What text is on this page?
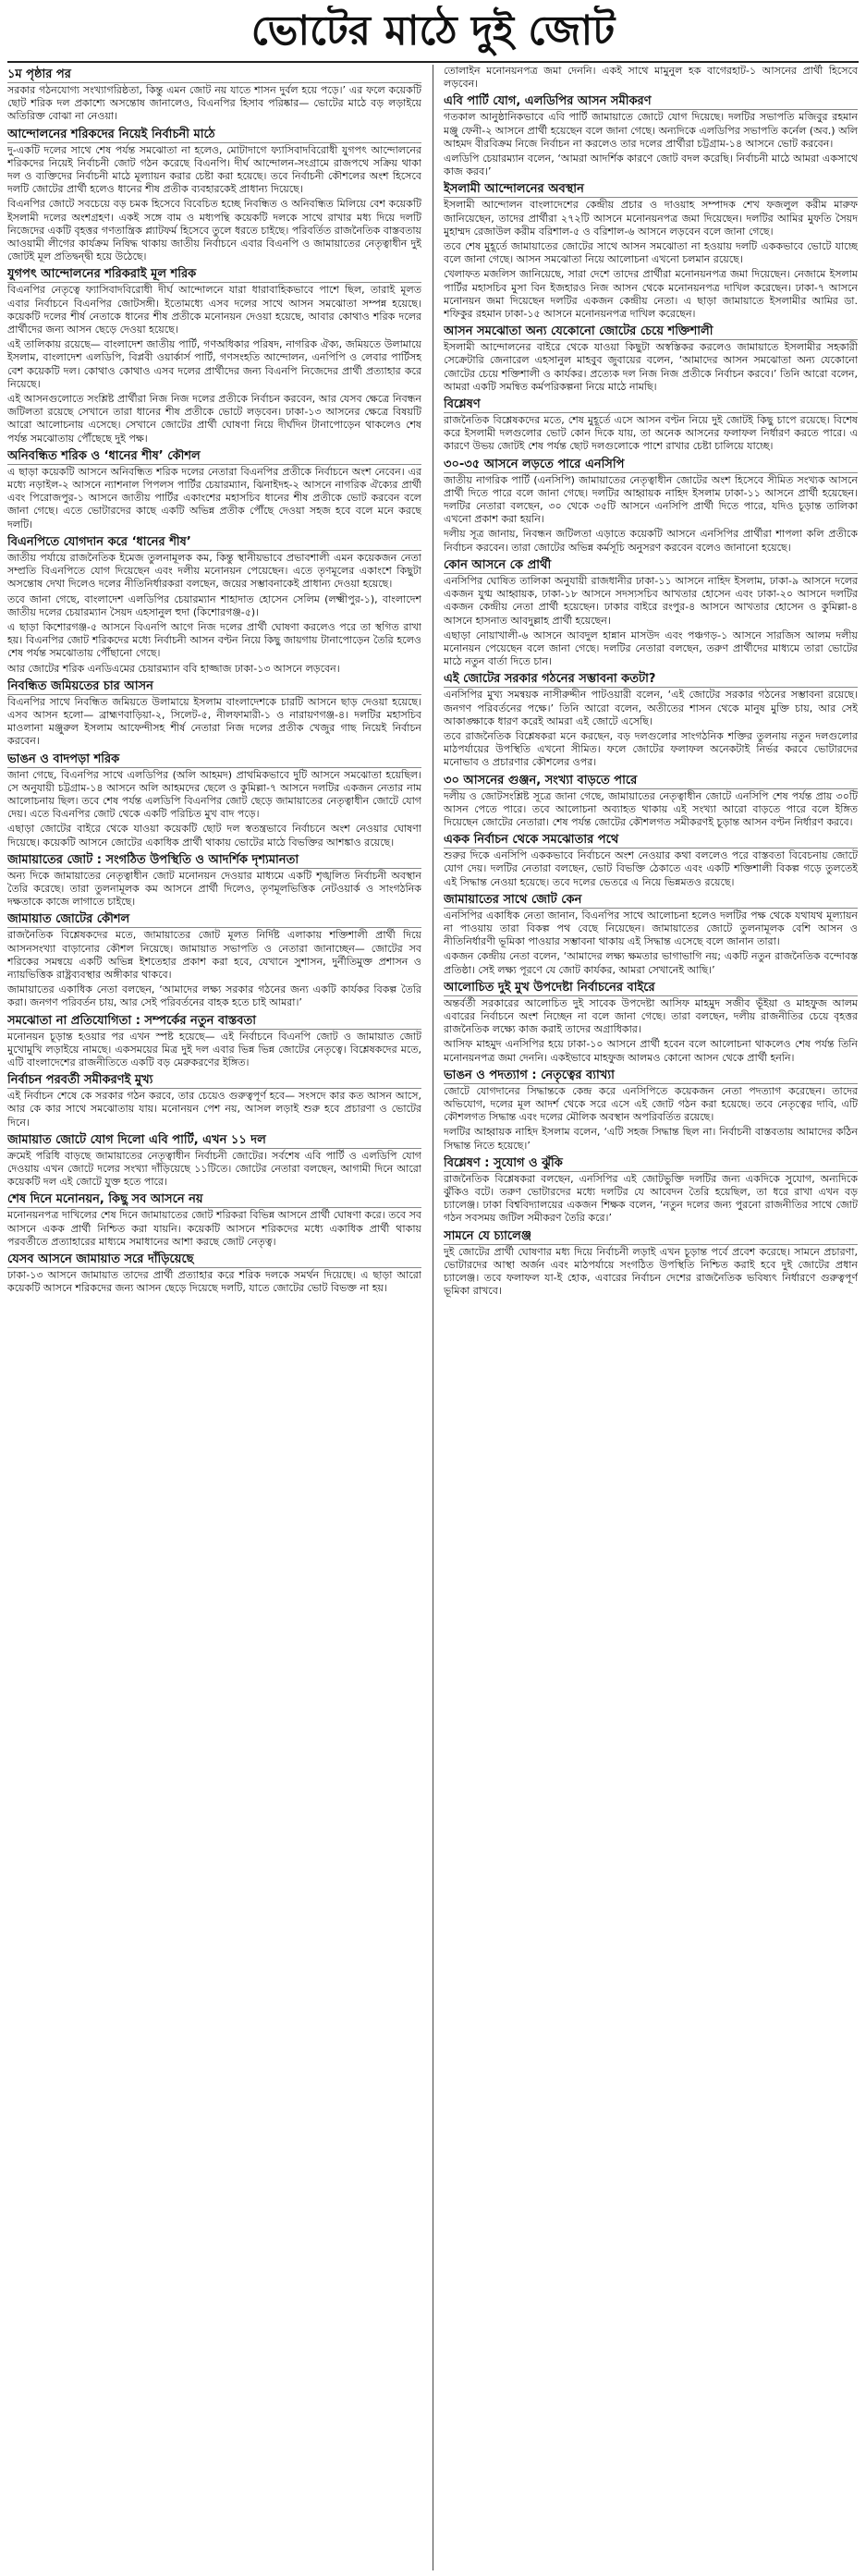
ভোটের মাঠে দুই জোট
১ম পৃষ্ঠার পর

সরকার গঠনযোগ্য সংখ্যাগরিষ্ঠতা, কিন্তু এমন জোট নয় যাতে শাসন দুর্বল হয়ে পড়ে।’ এর ফলে কয়েকটি ছোট শরিক দল প্রকাশ্যে অসন্তোষ জানালেও, বিএনপির হিসাব পরিষ্কার— ভোটের মাঠে বড় লড়াইয়ে অতিরিক্ত বোঝা না নেওয়া।

আন্দোলনের শরিকদের নিয়েই নির্বাচনী মাঠে

দু-একটি দলের সাথে শেষ পর্যন্ত সমঝোতা না হলেও, মোটাদাগে ফ্যাসিবাদবিরোধী যুগপৎ আন্দোলনের শরিকদের নিয়েই নির্বাচনী জোট গঠন করেছে বিএনপি। দীর্ঘ আন্দোলন-সংগ্রামে রাজপথে সক্রিয় থাকা দল ও ব্যক্তিদের নির্বাচনী মাঠে মূল্যায়ন করার চেষ্টা করা হয়েছে। তবে নির্বাচনী কৌশলের অংশ হিসেবে দলটি জোটের প্রার্থী হলেও ধানের শীষ প্রতীক ব্যবহারকেই প্রাধান্য দিয়েছে।

বিএনপির জোটে সবচেয়ে বড় চমক হিসেবে বিবেচিত হচ্ছে নিবন্ধিত ও অনিবন্ধিত মিলিয়ে বেশ কয়েকটি ইসলামী দলের অংশগ্রহণ। একই সঙ্গে বাম ও মধ্যপন্থি কয়েকটি দলকে সাথে রাখার মধ্য দিয়ে দলটি নিজেদের একটি বৃহত্তর গণতান্ত্রিক প্ল্যাটফর্ম হিসেবে তুলে ধরতে চাইছে। পরিবর্তিত রাজনৈতিক বাস্তবতায় আওয়ামী লীগের কার্যক্রম নিষিদ্ধ থাকায় জাতীয় নির্বাচনে এবার বিএনপি ও জামায়াতের নেতৃত্বাধীন দুই জোটই মূল প্রতিদ্বন্দ্বী হয়ে উঠেছে।

যুগপৎ আন্দোলনের শরিকরাই মূল শরিক

বিএনপির নেতৃত্বে ফ্যাসিবাদবিরোধী দীর্ঘ আন্দোলনে যারা ধারাবাহিকভাবে পাশে ছিল, তারাই মূলত এবার নির্বাচনে বিএনপির জোটসঙ্গী। ইতোমধ্যে এসব দলের সাথে আসন সমঝোতা সম্পন্ন হয়েছে। কয়েকটি দলের শীর্ষ নেতাকে ধানের শীষ প্রতীকে মনোনয়ন দেওয়া হয়েছে, আবার কোথাও শরিক দলের প্রার্থীদের জন্য আসন ছেড়ে দেওয়া হয়েছে।

এই তালিকায় রয়েছে— বাংলাদেশ জাতীয় পার্টি, গণঅধিকার পরিষদ, নাগরিক ঐক্য, জমিয়তে উলামায়ে ইসলাম, বাংলাদেশ এলডিপি, বিপ্লবী ওয়ার্কার্স পার্টি, গণসংহতি আন্দোলন, এনপিপি ও লেবার পার্টিসহ বেশ কয়েকটি দল। কোথাও কোথাও এসব দলের প্রার্থীদের জন্য বিএনপি নিজেদের প্রার্থী প্রত্যাহার করে নিয়েছে।

এই আসনগুলোতে সংশ্লিষ্ট প্রার্থীরা নিজ নিজ দলের প্রতীকে নির্বাচন করবেন, আর যেসব ক্ষেত্রে নিবন্ধন জটিলতা রয়েছে সেখানে তারা ধানের শীষ প্রতীকে ভোটে লড়বেন। ঢাকা-১৩ আসনের ক্ষেত্রে বিষয়টি আরো আলোচনায় এসেছে। সেখানে জোটের প্রার্থী ঘোষণা নিয়ে দীর্ঘদিন টানাপোড়েন থাকলেও শেষ পর্যন্ত সমঝোতায় পৌঁছেছে দুই পক্ষ।

অনিবন্ধিত শরিক ও ‘ধানের শীষ’ কৌশল

এ ছাড়া কয়েকটি আসনে অনিবন্ধিত শরিক দলের নেতারা বিএনপির প্রতীকে নির্বাচনে অংশ নেবেন। এর মধ্যে নড়াইল-২ আসনে ন্যাশনাল পিপলস পার্টির চেয়ারম্যান, ঝিনাইদহ-২ আসনে নাগরিক ঐক্যের প্রার্থী এবং পিরোজপুর-১ আসনে জাতীয় পার্টির একাংশের মহাসচিব ধানের শীষ প্রতীকে ভোট করবেন বলে জানা গেছে। এতে ভোটারদের কাছে একটি অভিন্ন প্রতীক পৌঁছে দেওয়া সহজ হবে বলে মনে করছে দলটি।

বিএনপিতে যোগদান করে ‘ধানের শীষ’

জাতীয় পর্যায়ে রাজনৈতিক ইমেজ তুলনামূলক কম, কিন্তু স্থানীয়ভাবে প্রভাবশালী এমন কয়েকজন নেতা সম্প্রতি বিএনপিতে যোগ দিয়েছেন এবং দলীয় মনোনয়ন পেয়েছেন। এতে তৃণমূলের একাংশে কিছুটা অসন্তোষ দেখা দিলেও দলের নীতিনির্ধারকরা বলছেন, জয়ের সম্ভাবনাকেই প্রাধান্য দেওয়া হয়েছে।

তবে জানা গেছে, বাংলাদেশ এলডিপির চেয়ারম্যান শাহাদাত হোসেন সেলিম (লক্ষ্মীপুর-১), বাংলাদেশ জাতীয় দলের চেয়ারম্যান সৈয়দ এহসানুল হুদা (কিশোরগঞ্জ-৫)।

এ ছাড়া কিশোরগঞ্জ-৫ আসনে বিএনপি আগে নিজ দলের প্রার্থী ঘোষণা করলেও পরে তা স্থগিত রাখা হয়। বিএনপির জোট শরিকদের মধ্যে নির্বাচনী আসন বণ্টন নিয়ে কিছু জায়গায় টানাপোড়েন তৈরি হলেও শেষ পর্যন্ত সমঝোতায় পৌঁছানো গেছে।

আর জোটের শরিক এনডিএমের চেয়ারম্যান ববি হাজ্জাজ ঢাকা-১৩ আসনে লড়বেন।

নিবন্ধিত জমিয়তের চার আসন

বিএনপির সাথে নিবন্ধিত জমিয়তে উলামায়ে ইসলাম বাংলাদেশকে চারটি আসনে ছাড় দেওয়া হয়েছে। এসব আসন হলো— ব্রাহ্মণবাড়িয়া-২, সিলেট-৫, নীলফামারী-১ ও নারায়ণগঞ্জ-৪। দলটির মহাসচিব মাওলানা মঞ্জুরুল ইসলাম আফেন্দীসহ শীর্ষ নেতারা নিজ দলের প্রতীক খেজুর গাছ নিয়েই নির্বাচন করবেন।

ভাঙন ও বাদপড়া শরিক

জানা গেছে, বিএনপির সাথে এলডিপির (অলি আহমদ) প্রাথমিকভাবে দুটি আসনে সমঝোতা হয়েছিল। সে অনুযায়ী চট্টগ্রাম-১৪ আসনে অলি আহমদের ছেলে ও কুমিল্লা-৭ আসনে দলটির একজন নেতার নাম আলোচনায় ছিল। তবে শেষ পর্যন্ত এলডিপি বিএনপির জোট ছেড়ে জামায়াতের নেতৃত্বাধীন জোটে যোগ দেয়। এতে বিএনপির জোট থেকে একটি পরিচিত মুখ বাদ পড়ে।

এছাড়া জোটের বাইরে থেকে যাওয়া কয়েকটি ছোট দল স্বতন্ত্রভাবে নির্বাচনে অংশ নেওয়ার ঘোষণা দিয়েছে। কয়েকটি আসনে জোটের একাধিক প্রার্থী থাকায় ভোটের মাঠে বিভক্তির আশঙ্কাও রয়েছে।

জামায়াতের জোট : সংগঠিত উপস্থিতি ও আদর্শিক দৃশ্যমানতা

অন্য দিকে জামায়াতের নেতৃত্বাধীন জোট মনোনয়ন দেওয়ার মাধ্যমে একটি শৃঙ্খলিত নির্বাচনী অবস্থান তৈরি করেছে। তারা তুলনামূলক কম আসনে প্রার্থী দিলেও, তৃণমূলভিত্তিক নেটওয়ার্ক ও সাংগঠনিক দক্ষতাকে কাজে লাগাতে চাইছে।

জামায়াত জোটের কৌশল

রাজনৈতিক বিশ্লেষকদের মতে, জামায়াতের জোট মূলত নির্দিষ্ট এলাকায় শক্তিশালী প্রার্থী দিয়ে আসনসংখ্যা বাড়ানোর কৌশল নিয়েছে। জামায়াত সভাপতি ও নেতারা জানাচ্ছেন— জোটের সব শরিকের সমন্বয়ে একটি অভিন্ন ইশতেহার প্রকাশ করা হবে, যেখানে সুশাসন, দুর্নীতিমুক্ত প্রশাসন ও ন্যায়ভিত্তিক রাষ্ট্রব্যবস্থার অঙ্গীকার থাকবে।

জামায়াতের একাধিক নেতা বলছেন, ‘আমাদের লক্ষ্য সরকার গঠনের জন্য একটি কার্যকর বিকল্প তৈরি করা। জনগণ পরিবর্তন চায়, আর সেই পরিবর্তনের বাহক হতে চাই আমরা।’

সমঝোতা না প্রতিযোগিতা : সম্পর্কের নতুন বাস্তবতা

মনোনয়ন চূড়ান্ত হওয়ার পর এখন স্পষ্ট হয়েছে— এই নির্বাচনে বিএনপি জোট ও জামায়াত জোট মুখোমুখি লড়াইয়ে নামছে। একসময়ের মিত্র দুই দল এবার ভিন্ন ভিন্ন জোটের নেতৃত্বে। বিশ্লেষকদের মতে, এটি বাংলাদেশের রাজনীতিতে একটি বড় মেরুকরণের ইঙ্গিত।

নির্বাচন পরবর্তী সমীকরণই মুখ্য

এই নির্বাচন শেষে কে সরকার গঠন করবে, তার চেয়েও গুরুত্বপূর্ণ হবে— সংসদে কার কত আসন আসে, আর কে কার সাথে সমঝোতায় যায়। মনোনয়ন পেশ নয়, আসল লড়াই শুরু হবে প্রচারণা ও ভোটের দিনে।

জামায়াত জোটে যোগ দিলো এবি পার্টি, এখন ১১ দল

ক্রমেই পরিধি বাড়ছে জামায়াতের নেতৃত্বাধীন নির্বাচনী জোটের। সর্বশেষ এবি পার্টি ও এলডিপি যোগ দেওয়ায় এখন জোটে দলের সংখ্যা দাঁড়িয়েছে ১১টিতে। জোটের নেতারা বলছেন, আগামী দিনে আরো কয়েকটি দল এই জোটে যুক্ত হতে পারে।

শেষ দিনে মনোনয়ন, কিছু সব আসনে নয়

মনোনয়নপত্র দাখিলের শেষ দিনে জামায়াতের জোট শরিকরা বিভিন্ন আসনে প্রার্থী ঘোষণা করে। তবে সব আসনে একক প্রার্থী নিশ্চিত করা যায়নি। কয়েকটি আসনে শরিকদের মধ্যে একাধিক প্রার্থী থাকায় পরবর্তীতে প্রত্যাহারের মাধ্যমে সমাধানের আশা করছে জোট নেতৃত্ব।

যেসব আসনে জামায়াত সরে দাঁড়িয়েছে

ঢাকা-১৩ আসনে জামায়াত তাদের প্রার্থী প্রত্যাহার করে শরিক দলকে সমর্থন দিয়েছে। এ ছাড়া আরো কয়েকটি আসনে শরিকদের জন্য আসন ছেড়ে দিয়েছে দলটি, যাতে জোটের ভোট বিভক্ত না হয়।

তোলাইন মনোনয়নপত্র জমা দেননি। একই সাথে মামুনুল হক বাগেরহাট-১ আসনের প্রার্থী হিসেবে লড়বেন।

এবি পার্টি যোগ, এলডিপির আসন সমীকরণ

গতকাল আনুষ্ঠানিকভাবে এবি পার্টি জামায়াতে জোটে যোগ দিয়েছে। দলটির সভাপতি মজিবুর রহমান মঞ্জু ফেনী-২ আসনে প্রার্থী হয়েছেন বলে জানা গেছে। অন্যদিকে এলডিপির সভাপতি কর্নেল (অব.) অলি আহমদ বীরবিক্রম নিজে নির্বাচন না করলেও তার দলের প্রার্থীরা চট্টগ্রাম-১৪ আসনে ভোট করবেন।

এলডিপি চেয়ারম্যান বলেন, ‘আমরা আদর্শিক কারণে জোট বদল করেছি। নির্বাচনী মাঠে আমরা একসাথে কাজ করব।’

ইসলামী আন্দোলনের অবস্থান

ইসলামী আন্দোলন বাংলাদেশের কেন্দ্রীয় প্রচার ও দাওয়াহ সম্পাদক শেখ ফজলুল করীম মারুফ জানিয়েছেন, তাদের প্রার্থীরা ২৭২টি আসনে মনোনয়নপত্র জমা দিয়েছেন। দলটির আমির মুফতি সৈয়দ মুহাম্মদ রেজাউল করীম বরিশাল-৫ ও বরিশাল-৬ আসনে লড়বেন বলে জানা গেছে।

তবে শেষ মুহূর্তে জামায়াতের জোটের সাথে আসন সমঝোতা না হওয়ায় দলটি এককভাবে ভোটে যাচ্ছে বলে জানা গেছে। আসন সমঝোতা নিয়ে আলোচনা এখনো চলমান রয়েছে।

খেলাফত মজলিস জানিয়েছে, সারা দেশে তাদের প্রার্থীরা মনোনয়নপত্র জমা দিয়েছেন। নেজামে ইসলাম পার্টির মহাসচিব মুসা বিন ইজহারও নিজ আসন থেকে মনোনয়নপত্র দাখিল করেছেন। ঢাকা-৭ আসনে মনোনয়ন জমা দিয়েছেন দলটির একজন কেন্দ্রীয় নেতা। এ ছাড়া জামায়াতে ইসলামীর আমির ডা. শফিকুর রহমান ঢাকা-১৫ আসনে মনোনয়নপত্র দাখিল করেছেন।

আসন সমঝোতা অন্য যেকোনো জোটের চেয়ে শক্তিশালী

ইসলামী আন্দোলনের বাইরে থেকে যাওয়া কিছুটা অস্বস্তিকর করলেও জামায়াতে ইসলামীর সহকারী সেক্রেটারি জেনারেল এহসানুল মাহবুব জুবায়ের বলেন, ‘আমাদের আসন সমঝোতা অন্য যেকোনো জোটের চেয়ে শক্তিশালী ও কার্যকর। প্রত্যেক দল নিজ নিজ প্রতীকে নির্বাচন করবে।’ তিনি আরো বলেন, আমরা একটি সমন্বিত কর্মপরিকল্পনা নিয়ে মাঠে নামছি।

বিশ্লেষণ

রাজনৈতিক বিশ্লেষকদের মতে, শেষ মুহূর্তে এসে আসন বণ্টন নিয়ে দুই জোটই কিছু চাপে রয়েছে। বিশেষ করে ইসলামী দলগুলোর ভোট কোন দিকে যায়, তা অনেক আসনের ফলাফল নির্ধারণ করতে পারে। এ কারণে উভয় জোটই শেষ পর্যন্ত ছোট দলগুলোকে পাশে রাখার চেষ্টা চালিয়ে যাচ্ছে।

৩০-৩৫ আসনে লড়তে পারে এনসিপি

জাতীয় নাগরিক পার্টি (এনসিপি) জামায়াতের নেতৃত্বাধীন জোটের অংশ হিসেবে সীমিত সংখ্যক আসনে প্রার্থী দিতে পারে বলে জানা গেছে। দলটির আহ্বায়ক নাহিদ ইসলাম ঢাকা-১১ আসনে প্রার্থী হয়েছেন। দলটির নেতারা বলছেন, ৩০ থেকে ৩৫টি আসনে এনসিপি প্রার্থী দিতে পারে, যদিও চূড়ান্ত তালিকা এখনো প্রকাশ করা হয়নি।

দলীয় সূত্র জানায়, নিবন্ধন জটিলতা এড়াতে কয়েকটি আসনে এনসিপির প্রার্থীরা শাপলা কলি প্রতীকে নির্বাচন করবেন। তারা জোটের অভিন্ন কর্মসূচি অনুসরণ করবেন বলেও জানানো হয়েছে।

কোন আসনে কে প্রার্থী

এনসিপির ঘোষিত তালিকা অনুযায়ী রাজধানীর ঢাকা-১১ আসনে নাহিদ ইসলাম, ঢাকা-৯ আসনে দলের একজন যুগ্ম আহ্বায়ক, ঢাকা-১৮ আসনে সদস্যসচিব আখতার হোসেন এবং ঢাকা-২০ আসনে দলটির একজন কেন্দ্রীয় নেতা প্রার্থী হয়েছেন। ঢাকার বাইরে রংপুর-৪ আসনে আখতার হোসেন ও কুমিল্লা-৪ আসনে হাসনাত আবদুল্লাহ প্রার্থী হয়েছেন।

এছাড়া নোয়াখালী-৬ আসনে আবদুল হান্নান মাসউদ এবং পঞ্চগড়-১ আসনে সারজিস আলম দলীয় মনোনয়ন পেয়েছেন বলে জানা গেছে। দলটির নেতারা বলছেন, তরুণ প্রার্থীদের মাধ্যমে তারা ভোটের মাঠে নতুন বার্তা দিতে চান।

এই জোটের সরকার গঠনের সম্ভাবনা কতটা?

এনসিপির মুখ্য সমন্বয়ক নাসীরুদ্দীন পাটওয়ারী বলেন, ‘এই জোটের সরকার গঠনের সম্ভাবনা রয়েছে। জনগণ পরিবর্তনের পক্ষে।’ তিনি আরো বলেন, অতীতের শাসন থেকে মানুষ মুক্তি চায়, আর সেই আকাঙ্ক্ষাকে ধারণ করেই আমরা এই জোটে এসেছি।

তবে রাজনৈতিক বিশ্লেষকরা মনে করছেন, বড় দলগুলোর সাংগঠনিক শক্তির তুলনায় নতুন দলগুলোর মাঠপর্যায়ের উপস্থিতি এখনো সীমিত। ফলে জোটের ফলাফল অনেকটাই নির্ভর করবে ভোটারদের মনোভাব ও প্রচারণার কৌশলের ওপর।

৩০ আসনের গুঞ্জন, সংখ্যা বাড়তে পারে

দলীয় ও জোটসংশ্লিষ্ট সূত্রে জানা গেছে, জামায়াতের নেতৃত্বাধীন জোটে এনসিপি শেষ পর্যন্ত প্রায় ৩০টি আসন পেতে পারে। তবে আলোচনা অব্যাহত থাকায় এই সংখ্যা আরো বাড়তে পারে বলে ইঙ্গিত দিয়েছেন জোটের নেতারা। শেষ পর্যন্ত জোটের কৌশলগত সমীকরণই চূড়ান্ত আসন বণ্টন নির্ধারণ করবে।

একক নির্বাচন থেকে সমঝোতার পথে

শুরুর দিকে এনসিপি এককভাবে নির্বাচনে অংশ নেওয়ার কথা বললেও পরে বাস্তবতা বিবেচনায় জোটে যোগ দেয়। দলটির নেতারা বলছেন, ভোট বিভক্তি ঠেকাতে এবং একটি শক্তিশালী বিকল্প গড়ে তুলতেই এই সিদ্ধান্ত নেওয়া হয়েছে। তবে দলের ভেতরে এ নিয়ে ভিন্নমতও রয়েছে।

জামায়াতের সাথে জোট কেন

এনসিপির একাধিক নেতা জানান, বিএনপির সাথে আলোচনা হলেও দলটির পক্ষ থেকে যথাযথ মূল্যায়ন না পাওয়ায় তারা বিকল্প পথ বেছে নিয়েছেন। জামায়াতের জোটে তুলনামূলক বেশি আসন ও নীতিনির্ধারণী ভূমিকা পাওয়ার সম্ভাবনা থাকায় এই সিদ্ধান্ত এসেছে বলে জানান তারা।

একজন কেন্দ্রীয় নেতা বলেন, ‘আমাদের লক্ষ্য ক্ষমতার ভাগাভাগি নয়; একটি নতুন রাজনৈতিক বন্দোবস্ত প্রতিষ্ঠা। সেই লক্ষ্য পূরণে যে জোট কার্যকর, আমরা সেখানেই আছি।’

আলোচিত দুই মুখ উপদেষ্টা নির্বাচনের বাইরে

অন্তর্বর্তী সরকারের আলোচিত দুই সাবেক উপদেষ্টা আসিফ মাহমুদ সজীব ভূঁইয়া ও মাহফুজ আলম এবারের নির্বাচনে অংশ নিচ্ছেন না বলে জানা গেছে। তারা বলছেন, দলীয় রাজনীতির চেয়ে বৃহত্তর রাজনৈতিক লক্ষ্যে কাজ করাই তাদের অগ্রাধিকার।

আসিফ মাহমুদ এনসিপির হয়ে ঢাকা-১০ আসনে প্রার্থী হবেন বলে আলোচনা থাকলেও শেষ পর্যন্ত তিনি মনোনয়নপত্র জমা দেননি। একইভাবে মাহফুজ আলমও কোনো আসন থেকে প্রার্থী হননি।

ভাঙন ও পদত্যাগ : নেতৃত্বের ব্যাখ্যা

জোটে যোগদানের সিদ্ধান্তকে কেন্দ্র করে এনসিপিতে কয়েকজন নেতা পদত্যাগ করেছেন। তাদের অভিযোগ, দলের মূল আদর্শ থেকে সরে এসে এই জোট গঠন করা হয়েছে। তবে নেতৃত্বের দাবি, এটি কৌশলগত সিদ্ধান্ত এবং দলের মৌলিক অবস্থান অপরিবর্তিত রয়েছে।

দলটির আহ্বায়ক নাহিদ ইসলাম বলেন, ‘এটি সহজ সিদ্ধান্ত ছিল না। নির্বাচনী বাস্তবতায় আমাদের কঠিন সিদ্ধান্ত নিতে হয়েছে।’

বিশ্লেষণ : সুযোগ ও ঝুঁকি

রাজনৈতিক বিশ্লেষকরা বলছেন, এনসিপির এই জোটভুক্তি দলটির জন্য একদিকে সুযোগ, অন্যদিকে ঝুঁকিও বটে। তরুণ ভোটারদের মধ্যে দলটির যে আবেদন তৈরি হয়েছিল, তা ধরে রাখা এখন বড় চ্যালেঞ্জ। ঢাকা বিশ্ববিদ্যালয়ের একজন শিক্ষক বলেন, ‘নতুন দলের জন্য পুরনো রাজনীতির সাথে জোট গঠন সবসময় জটিল সমীকরণ তৈরি করে।’

সামনে যে চ্যালেঞ্জ

দুই জোটের প্রার্থী ঘোষণার মধ্য দিয়ে নির্বাচনী লড়াই এখন চূড়ান্ত পর্বে প্রবেশ করেছে। সামনে প্রচারণা, ভোটারদের আস্থা অর্জন এবং মাঠপর্যায়ে সংগঠিত উপস্থিতি নিশ্চিত করাই হবে দুই জোটের প্রধান চ্যালেঞ্জ। তবে ফলাফল যা-ই হোক, এবারের নির্বাচন দেশের রাজনৈতিক ভবিষ্যৎ নির্ধারণে গুরুত্বপূর্ণ ভূমিকা রাখবে।
